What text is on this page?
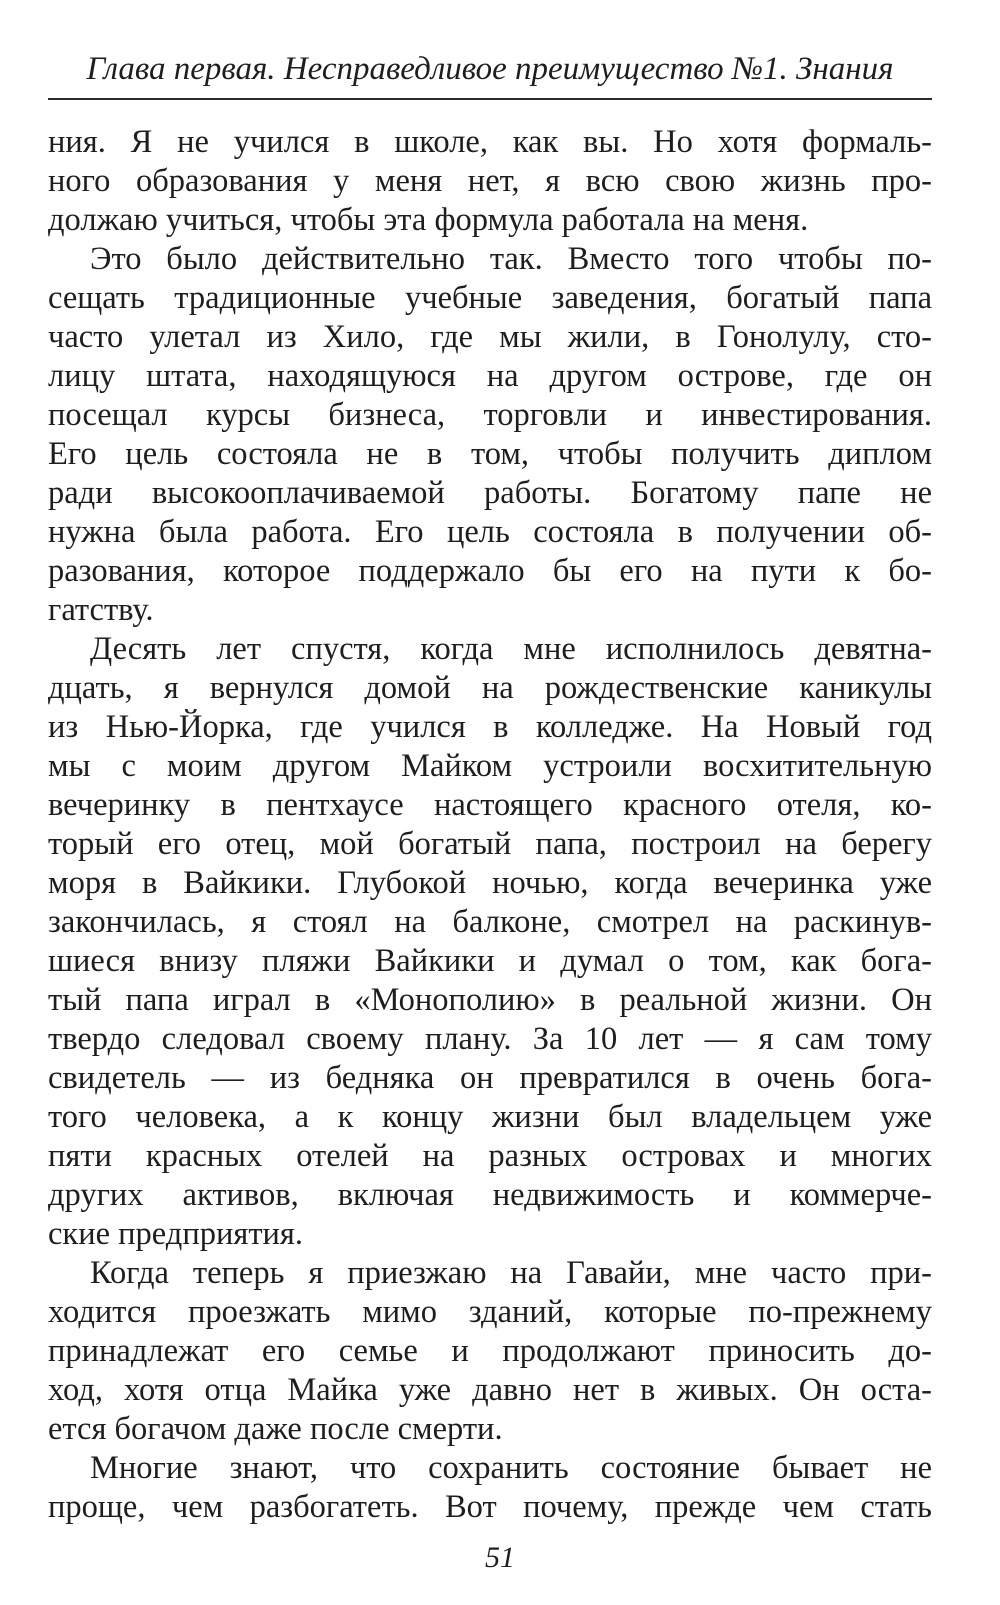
Глава первая. Несправедливое преимущество №1. Знания
ния. Я не учился в школе, как вы. Но хотя формаль-
ного образования у меня нет, я всю свою жизнь про-
должаю учиться, чтобы эта формула работала на меня.
Это было действительно так. Вместо того чтобы по-
сещать традиционные учебные заведения, богатый папа
часто улетал из Хило, где мы жили, в Гонолулу, сто-
лицу штата, находящуюся на другом острове, где он
посещал курсы бизнеса, торговли и инвестирования.
Его цель состояла не в том, чтобы получить диплом
ради высокооплачиваемой работы. Богатому папе не
нужна была работа. Его цель состояла в получении об-
разования, которое поддержало бы его на пути к бо-
гатству.
Десять лет спустя, когда мне исполнилось девятна-
дцать, я вернулся домой на рождественские каникулы
из Нью-Йорка, где учился в колледже. На Новый год
мы с моим другом Майком устроили восхитительную
вечеринку в пентхаусе настоящего красного отеля, ко-
торый его отец, мой богатый папа, построил на берегу
моря в Вайкики. Глубокой ночью, когда вечеринка уже
закончилась, я стоял на балконе, смотрел на раскинув-
шиеся внизу пляжи Вайкики и думал о том, как бога-
тый папа играл в «Монополию» в реальной жизни. Он
твердо следовал своему плану. За 10 лет — я сам тому
свидетель — из бедняка он превратился в очень бога-
того человека, а к концу жизни был владельцем уже
пяти красных отелей на разных островах и многих
других активов, включая недвижимость и коммерче-
ские предприятия.
Когда теперь я приезжаю на Гавайи, мне часто при-
ходится проезжать мимо зданий, которые по-прежнему
принадлежат его семье и продолжают приносить до-
ход, хотя отца Майка уже давно нет в живых. Он оста-
ется богачом даже после смерти.
Многие знают, что сохранить состояние бывает не
проще, чем разбогатеть. Вот почему, прежде чем стать
51
